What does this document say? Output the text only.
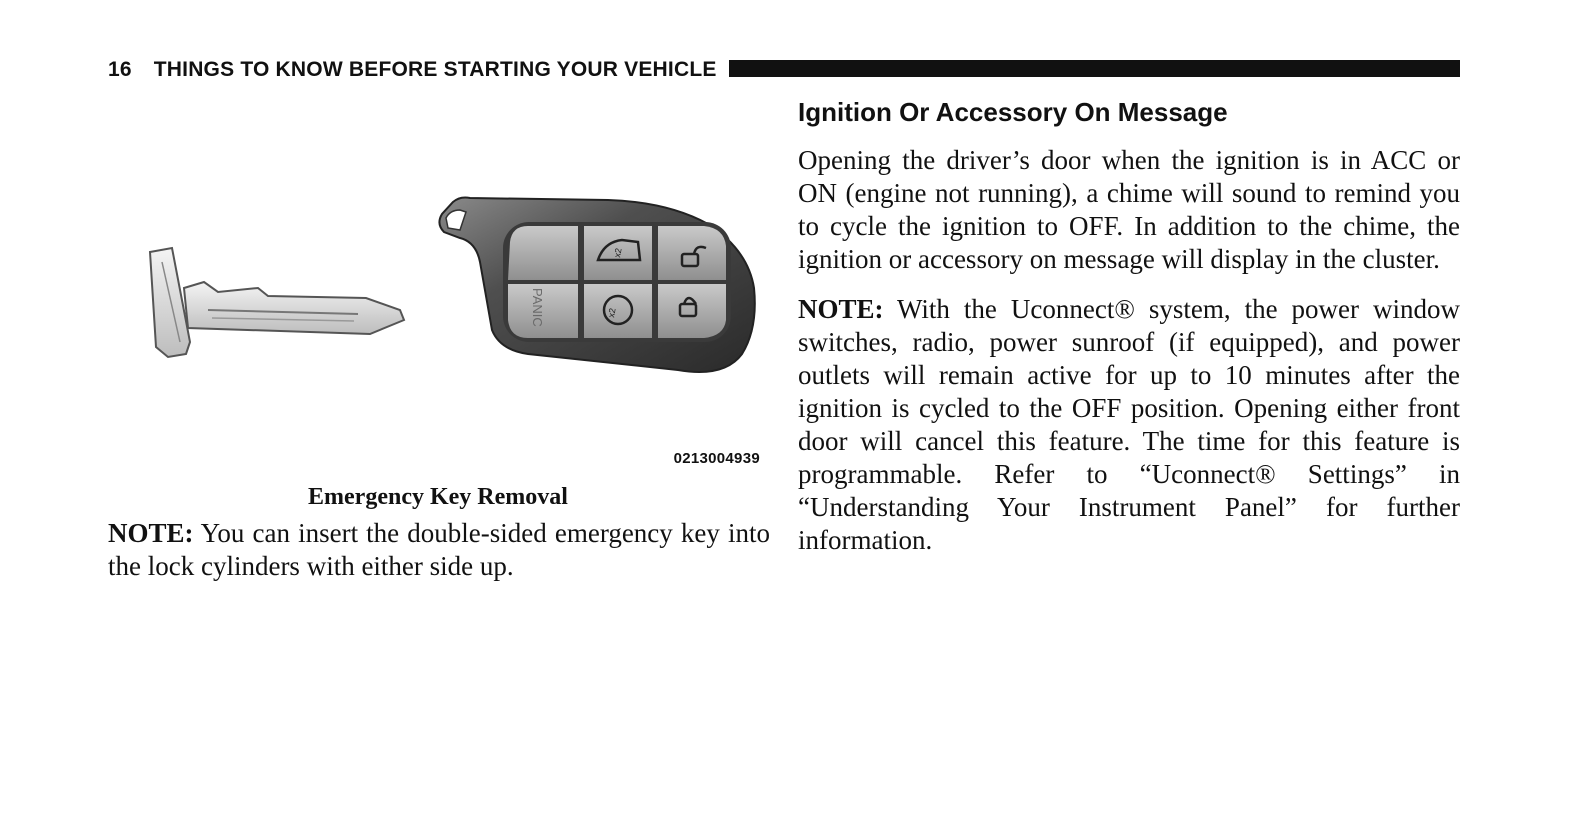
16 THINGS TO KNOW BEFORE STARTING YOUR VEHICLE
x2
x2
PANIC
0213004939
Emergency Key Removal

NOTE: You can insert the double-sided emergency key into the lock cylinders with either side up.

Ignition Or Accessory On Message

Opening the driver’s door when the ignition is in ACC or ON (engine not running), a chime will sound to remind you to cycle the ignition to OFF. In addition to the chime, the ignition or accessory on message will display in the cluster.

NOTE: With the Uconnect® system, the power window switches, radio, power sunroof (if equipped), and power outlets will remain active for up to 10 minutes after the ignition is cycled to the OFF position. Opening either front door will cancel this feature. The time for this feature is programmable. Refer to “Uconnect® Settings” in “Understanding Your Instrument Panel” for further information.
